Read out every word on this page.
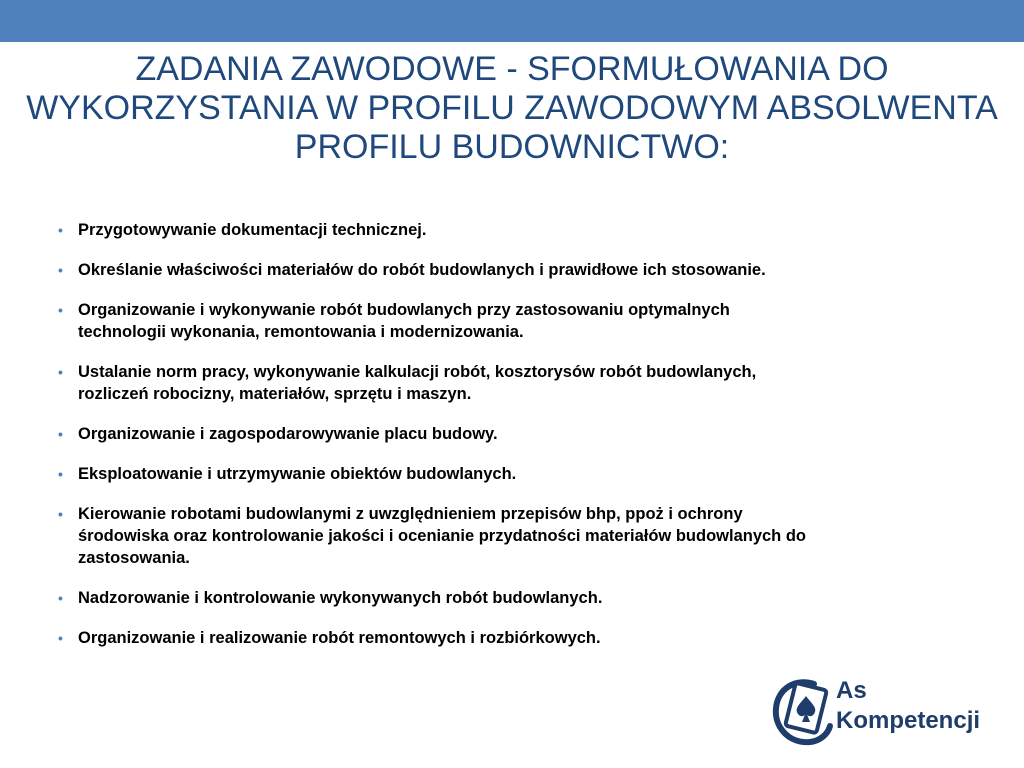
ZADANIA ZAWODOWE - SFORMUŁOWANIA DO
WYKORZYSTANIA W PROFILU ZAWODOWYM ABSOLWENTA
PROFILU BUDOWNICTWO:
• Przygotowywanie dokumentacji technicznej.
• Określanie właściwości materiałów do robót budowlanych i prawidłowe ich stosowanie.
• Organizowanie i wykonywanie robót budowlanych przy zastosowaniu optymalnych
technologii wykonania, remontowania i modernizowania.
• Ustalanie norm pracy, wykonywanie kalkulacji robót, kosztorysów robót budowlanych,
rozliczeń robocizny, materiałów, sprzętu i maszyn.
• Organizowanie i zagospodarowywanie placu budowy.
• Eksploatowanie i utrzymywanie obiektów budowlanych.
• Kierowanie robotami budowlanymi z uwzględnieniem przepisów bhp, ppoż i ochrony
środowiska oraz kontrolowanie jakości i ocenianie przydatności materiałów budowlanych do
zastosowania.
• Nadzorowanie i kontrolowanie wykonywanych robót budowlanych.
• Organizowanie i realizowanie robót remontowych i rozbiórkowych.
As
Kompetencji
